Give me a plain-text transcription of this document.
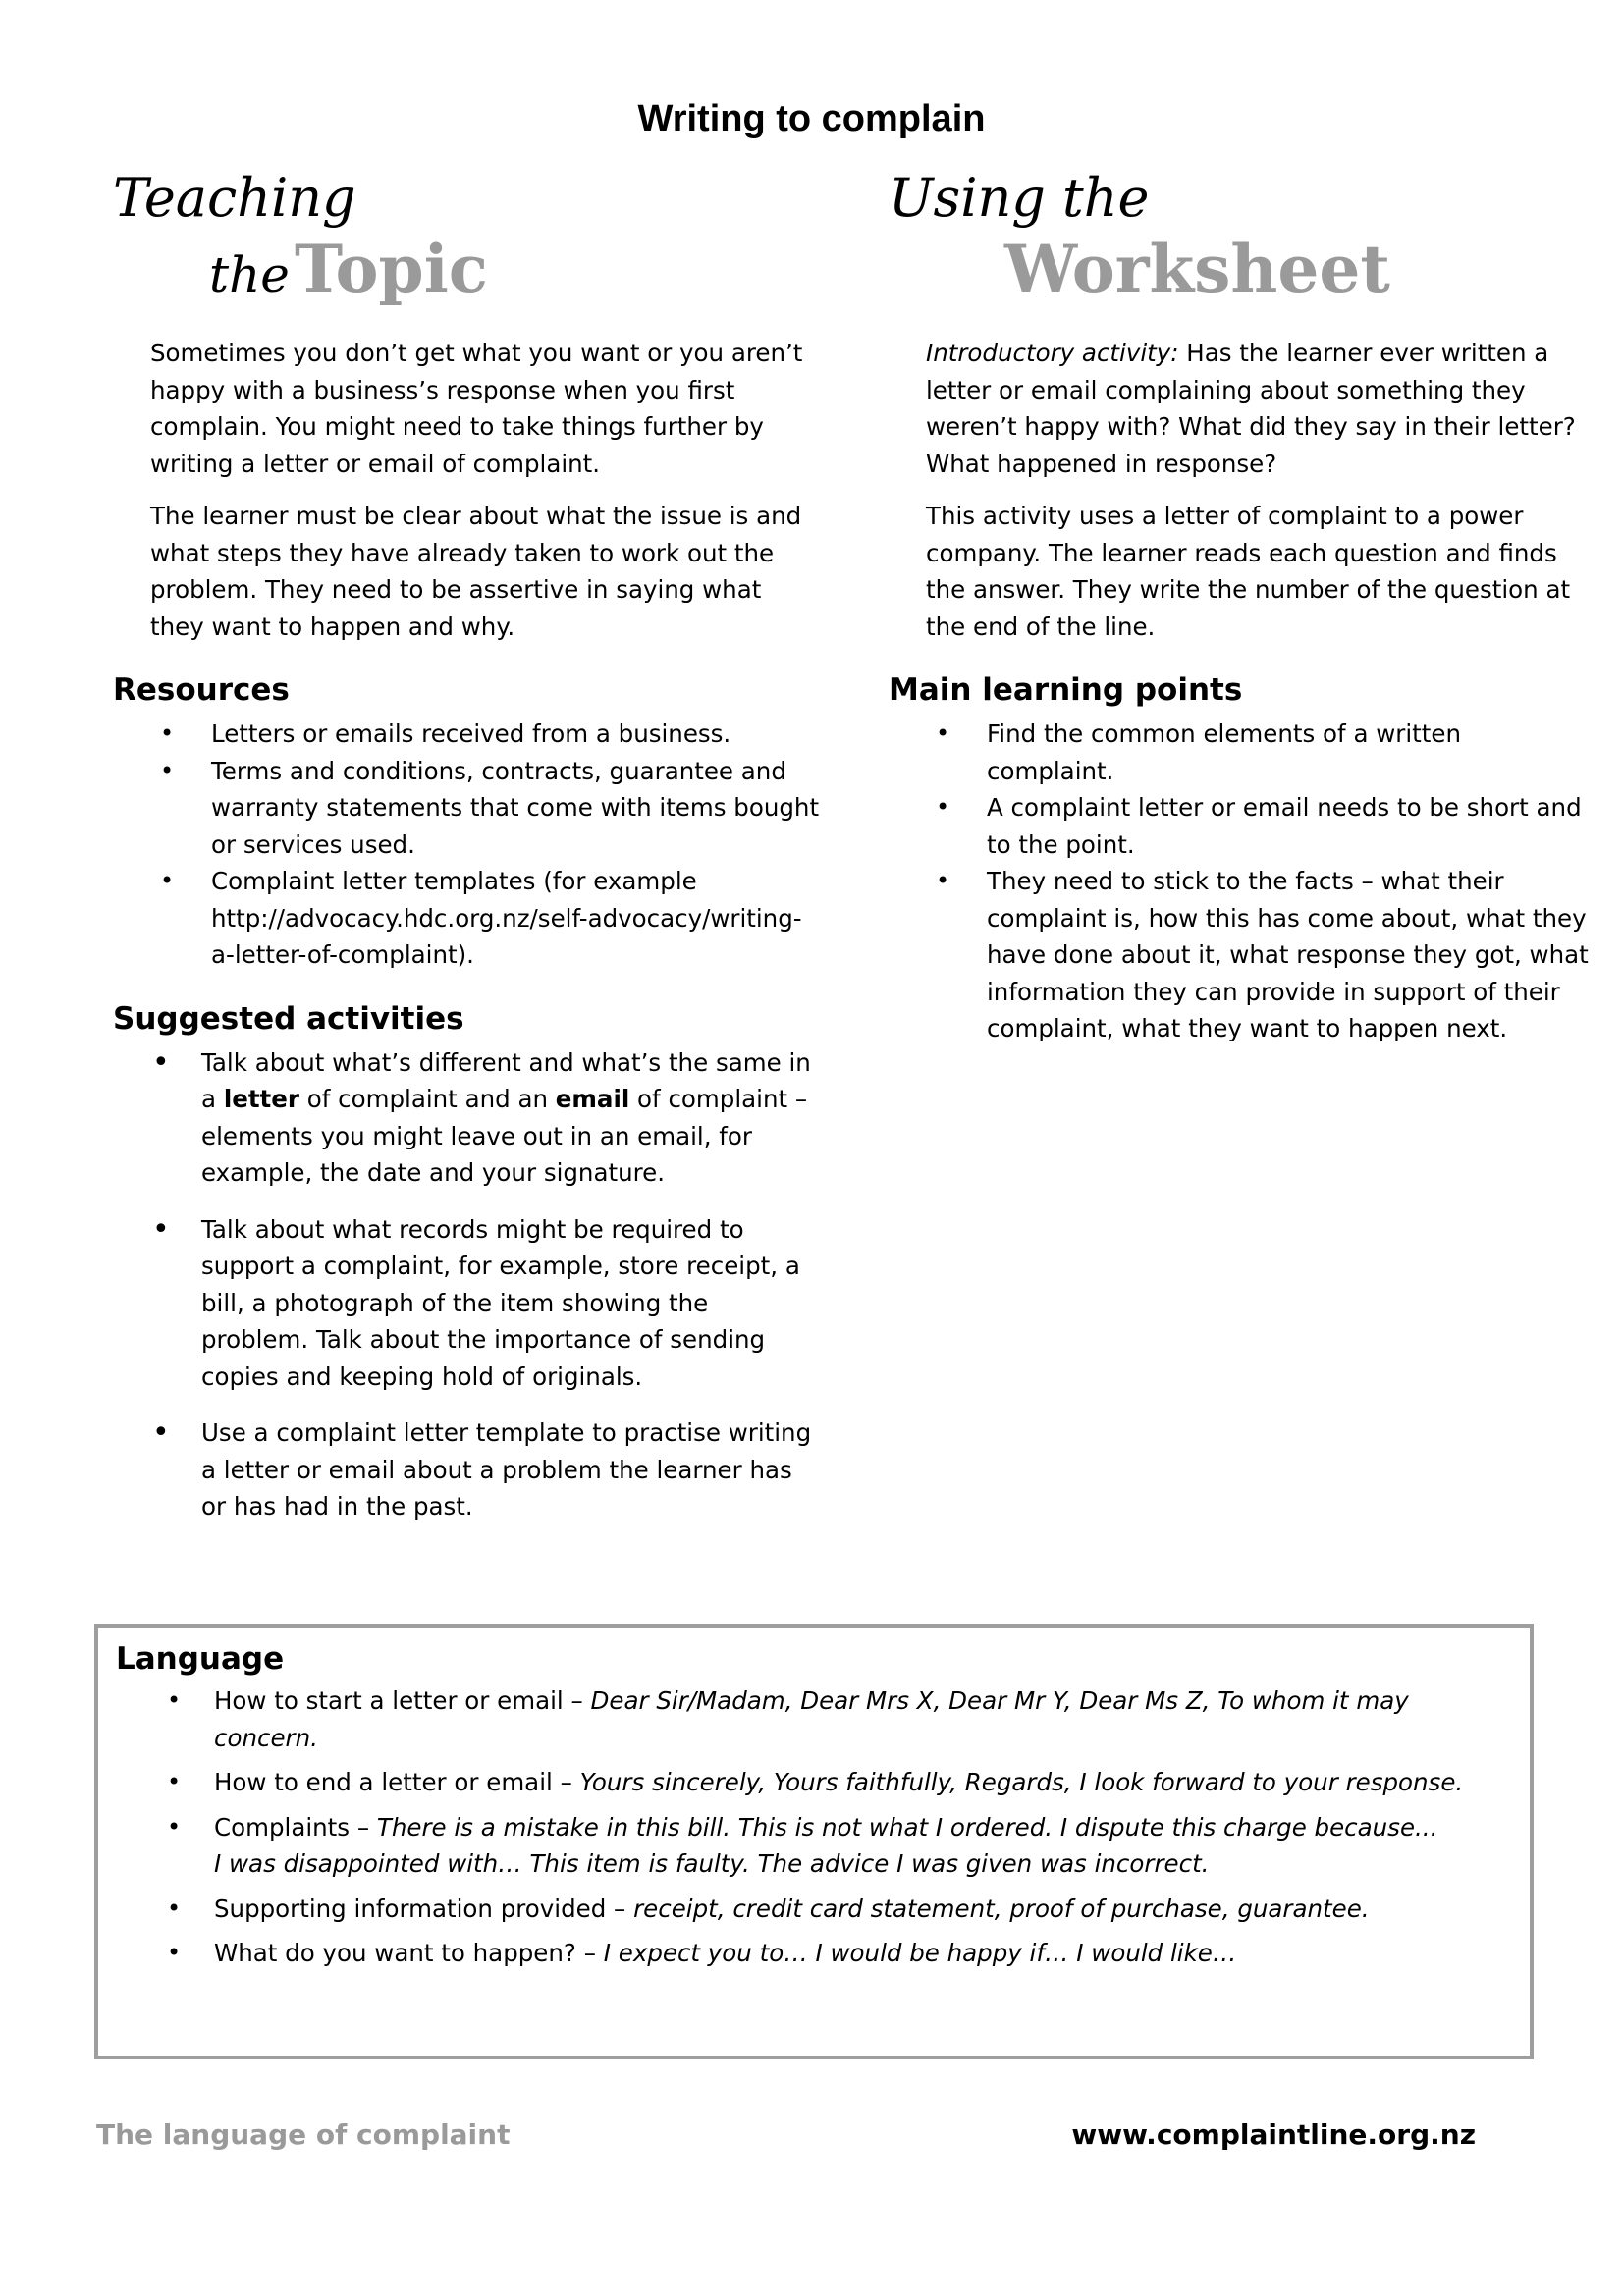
Writing to complain
Teaching
the Topic

Sometimes you don’t get what you want or you aren’t happy with a business’s response when you first complain. You might need to take things further by writing a letter or email of complaint.

The learner must be clear about what the issue is and what steps they have already taken to work out the problem. They need to be assertive in saying what they want to happen and why.

Resources
• Letters or emails received from a business.
• Terms and conditions, contracts, guarantee and warranty statements that come with items bought or services used.
• Complaint letter templates (for example http://advocacy.hdc.org.nz/self-advocacy/writing-a-letter-of-complaint).
Suggested activities
• Talk about what’s different and what’s the same in a letter of complaint and an email of complaint – elements you might leave out in an email, for example, the date and your signature.
• Talk about what records might be required to support a complaint, for example, store receipt, a bill, a photograph of the item showing the problem. Talk about the importance of sending copies and keeping hold of originals.
• Use a complaint letter template to practise writing a letter or email about a problem the learner has or has had in the past.
Using the
Worksheet

Introductory activity: Has the learner ever written a letter or email complaining about something they weren’t happy with? What did they say in their letter? What happened in response?

This activity uses a letter of complaint to a power company. The learner reads each question and finds the answer. They write the number of the question at the end of the line.

Main learning points
• Find the common elements of a written complaint.
• A complaint letter or email needs to be short and to the point.
• They need to stick to the facts – what their complaint is, how this has come about, what they have done about it, what response they got, what information they can provide in support of their complaint, what they want to happen next.
Language
• How to start a letter or email – Dear Sir/Madam, Dear Mrs X, Dear Mr Y, Dear Ms Z, To whom it may concern.
• How to end a letter or email – Yours sincerely, Yours faithfully, Regards, I look forward to your response.
• Complaints – There is a mistake in this bill. This is not what I ordered. I dispute this charge because...
I was disappointed with… This item is faulty. The advice I was given was incorrect.
• Supporting information provided – receipt, credit card statement, proof of purchase, guarantee.
• What do you want to happen? – I expect you to… I would be happy if… I would like…
The language of complaint	www.complaintline.org.nz
